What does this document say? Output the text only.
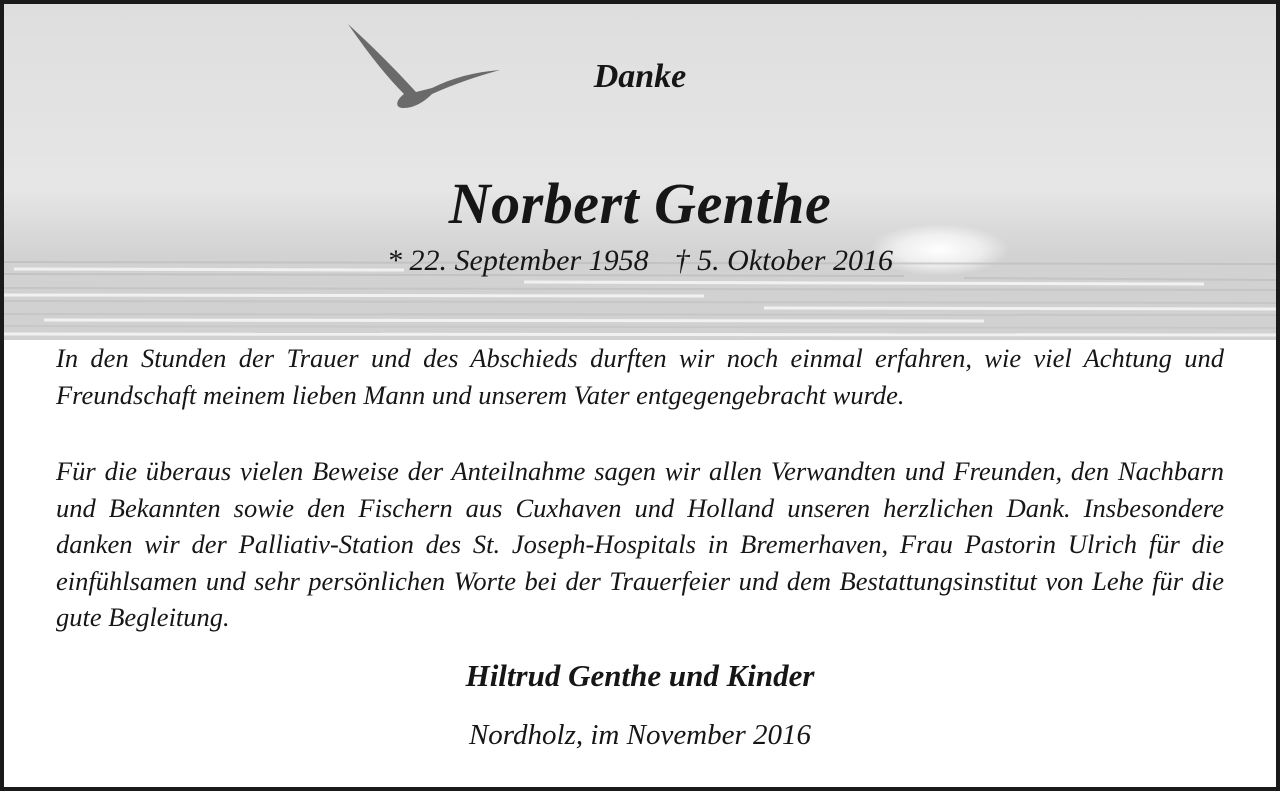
Danke
Norbert Genthe
* 22. September 1958 † 5. Oktober 2016
In den Stunden der Trauer und des Abschieds durften wir noch einmal erfahren, wie viel Achtung und Freundschaft meinem lieben Mann und unserem Vater entgegengebracht wurde.
Für die überaus vielen Beweise der Anteilnahme sagen wir allen Verwandten und Freunden, den Nachbarn und Bekannten sowie den Fischern aus Cuxhaven und Holland unseren herzlichen Dank. Insbesondere danken wir der Palliativ-Station des St. Joseph-Hospitals in Bremerhaven, Frau Pastorin Ulrich für die einfühlsamen und sehr persönlichen Worte bei der Trauerfeier und dem Bestattungsinstitut von Lehe für die gute Begleitung.
Hiltrud Genthe und Kinder
Nordholz, im November 2016
